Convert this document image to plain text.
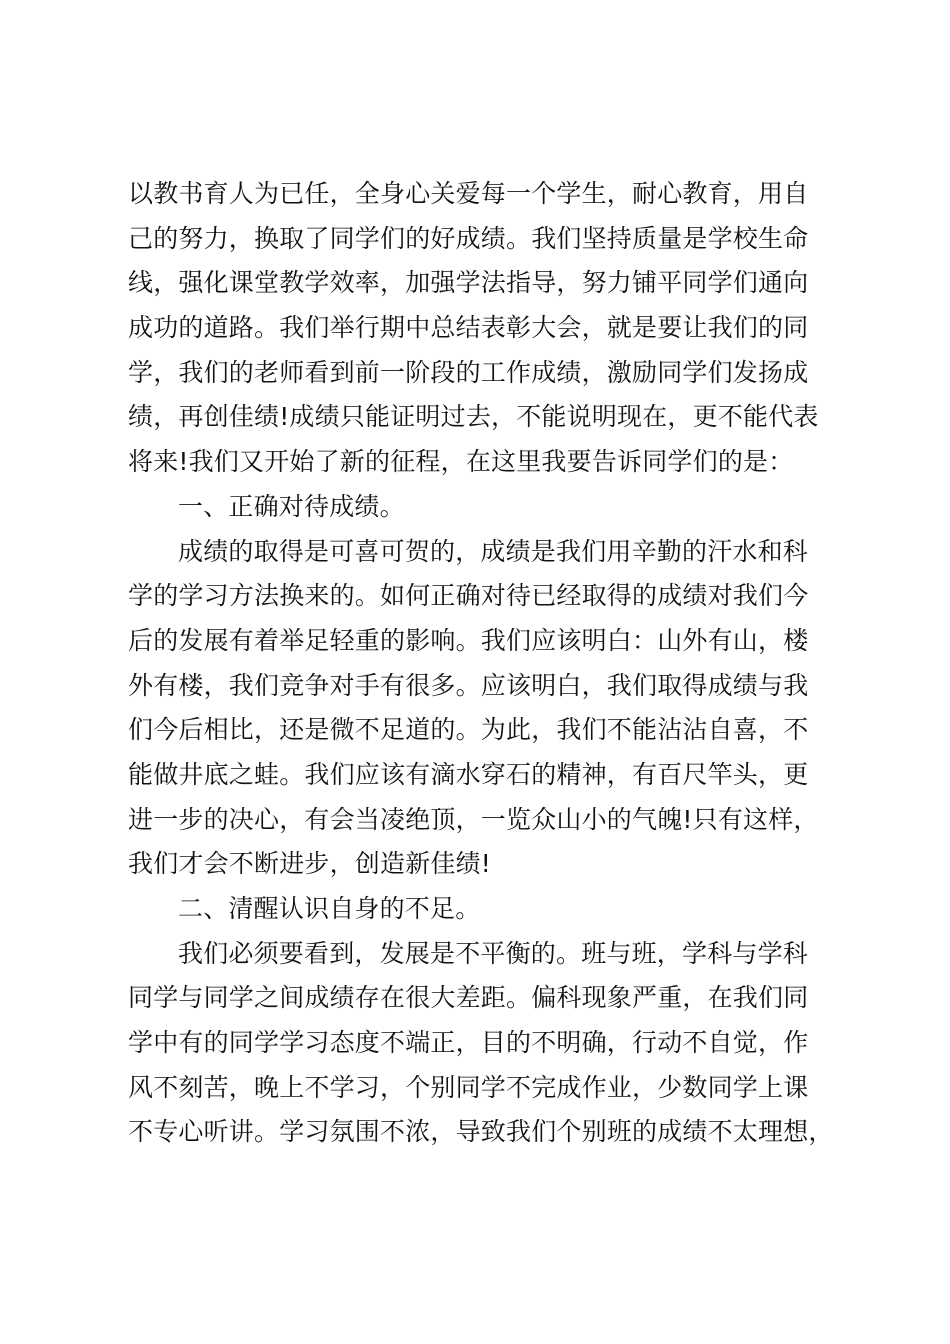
以教书育人为已任，全身心关爱每一个学生，耐心教育，用自
己的努力，换取了同学们的好成绩。我们坚持质量是学校生命
线，强化课堂教学效率，加强学法指导，努力铺平同学们通向
成功的道路。我们举行期中总结表彰大会，就是要让我们的同
学，我们的老师看到前一阶段的工作成绩，激励同学们发扬成
绩，再创佳绩!成绩只能证明过去，不能说明现在，更不能代表
将来!我们又开始了新的征程，在这里我要告诉同学们的是：
一、正确对待成绩。
成绩的取得是可喜可贺的，成绩是我们用辛勤的汗水和科
学的学习方法换来的。如何正确对待已经取得的成绩对我们今
后的发展有着举足轻重的影响。我们应该明白：山外有山，楼
外有楼，我们竞争对手有很多。应该明白，我们取得成绩与我
们今后相比，还是微不足道的。为此，我们不能沾沾自喜，不
能做井底之蛙。我们应该有滴水穿石的精神，有百尺竿头，更
进一步的决心，有会当凌绝顶，一览众山小的气魄!只有这样，
我们才会不断进步，创造新佳绩!
二、清醒认识自身的不足。
我们必须要看到，发展是不平衡的。班与班，学科与学科
同学与同学之间成绩存在很大差距。偏科现象严重，在我们同
学中有的同学学习态度不端正，目的不明确，行动不自觉，作
风不刻苦，晚上不学习，个别同学不完成作业，少数同学上课
不专心听讲。学习氛围不浓，导致我们个别班的成绩不太理想，
